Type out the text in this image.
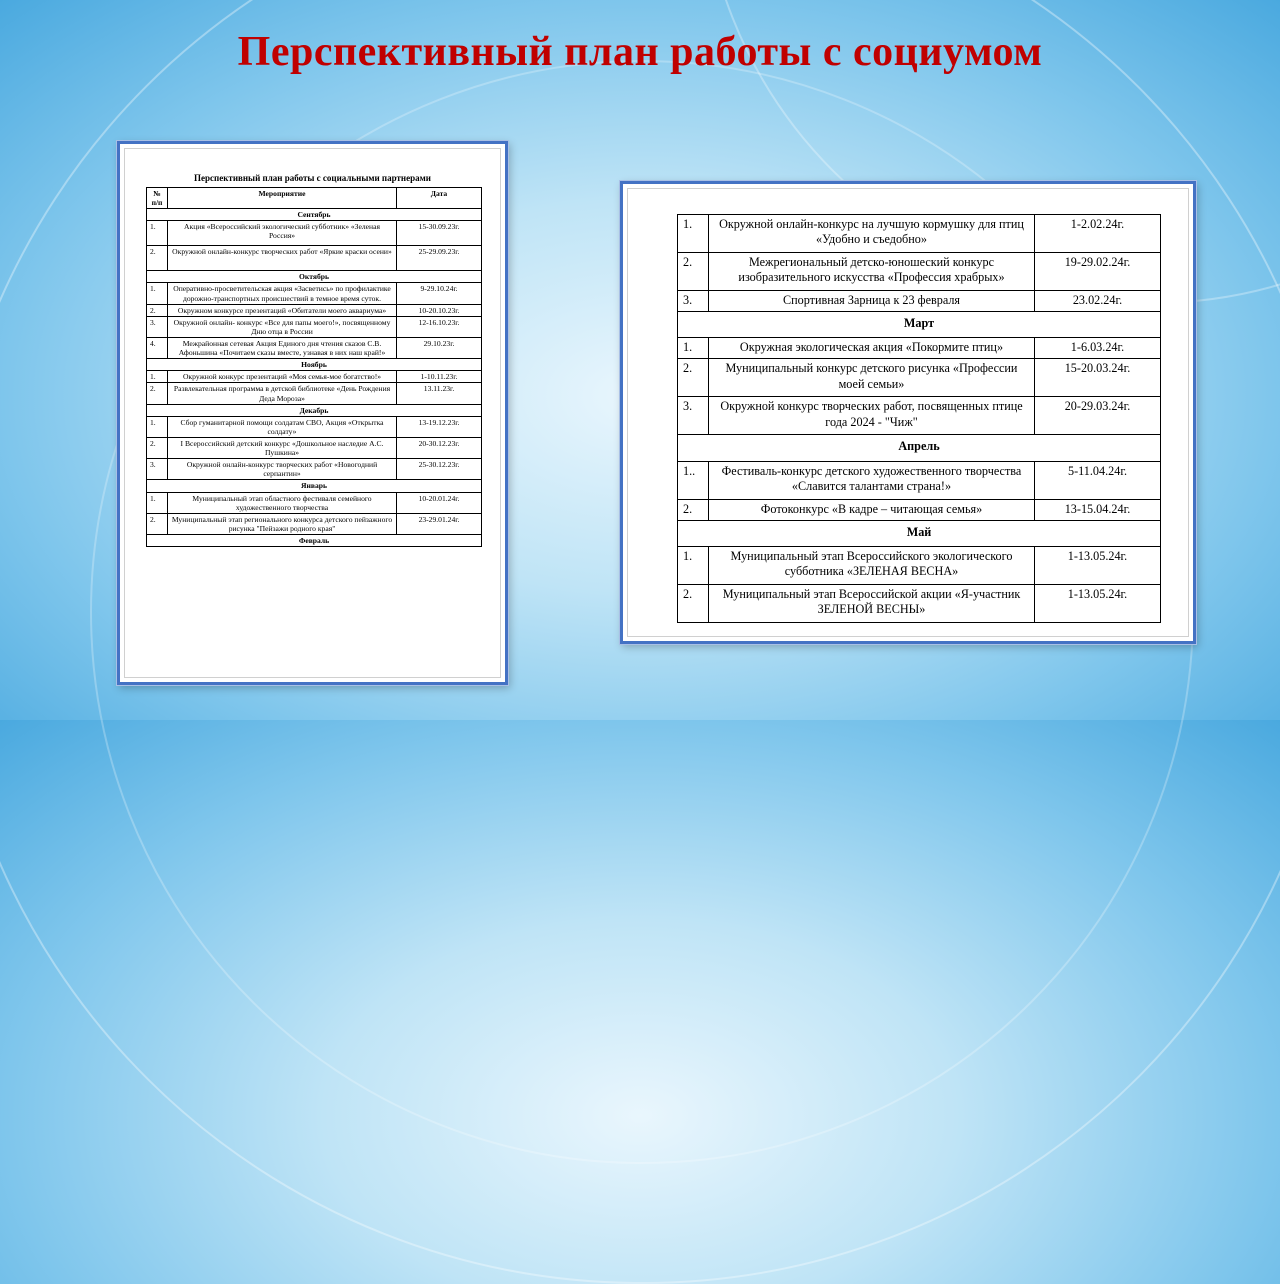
Перспективный план работы с социумом
Перспективный план работы с социальными партнерами
№ п/п	Мероприятие	Дата
Сентябрь		
1.	Акция «Всероссийский экологический субботник» «Зеленая Россия»	15-30.09.23г.
2.	Окружной онлайн-конкурс творческих работ «Яркие краски осени»	25-29.09.23г.
Октябрь		
1.	Оперативно-просветительская акция «Засветись» по профилактике дорожно-транспортных происшествий в темное время суток.	9-29.10.24г.
2.	Окружном конкурсе презентаций «Обитатели моего аквариума»	10-20.10.23г.
3.	Окружной онлайн- конкурс «Все для папы моего!», посвященному Дню отца в России	12-16.10.23г.
4.	Межрайонная сетевая Акция Единого дня чтения сказов С.В. Афоньшина «Почитаем сказы вместе, узнавая в них наш край!»	29.10.23г.
Ноябрь		
1.	Окружной конкурс презентаций «Моя семья-мое богатство!»	1-10.11.23г.
2.	Развлекательная программа в детской библиотеке «День Рождения Деда Мороза»	13.11.23г.
Декабрь		
1.	Сбор гуманитарной помощи солдатам СВО, Акция «Открытка солдату»	13-19.12.23г.
2.	I Всероссийский детский конкурс «Дошкольное наследие А.С. Пушкина»	20-30.12.23г.
3.	Окружной онлайн-конкурс творческих работ «Новогодний серпантин»	25-30.12.23г.
Январь		
1.	Муниципальный этап областного фестиваля семейного художественного творчества	10-20.01.24г.
2.	Муниципальный этап регионального конкурса детского пейзажного рисунка "Пейзажи родного края"	23-29.01.24г.
Февраль		
1.	Окружной онлайн-конкурс на лучшую кормушку для птиц «Удобно и съедобно»	1-2.02.24г.
2.	Межрегиональный детско-юношеский конкурс изобразительного искусства «Профессия храбрых»	19-29.02.24г.
3.	Спортивная Зарница к 23 февраля	23.02.24г.
Март		
1.	Окружная экологическая акция «Покормите птиц»	1-6.03.24г.
2.	Муниципальный конкурс детского рисунка «Профессии моей семьи»	15-20.03.24г.
3.	Окружной конкурс творческих работ, посвященных птице года 2024 - "Чиж"	20-29.03.24г.
Апрель		
1..	Фестиваль-конкурс детского художественного творчества «Славится талантами страна!»	5-11.04.24г.
2.	Фотоконкурс «В кадре – читающая семья»	13-15.04.24г.
Май		
1.	Муниципальный этап Всероссийского экологического субботника «ЗЕЛЕНАЯ ВЕСНА»	1-13.05.24г.
2.	Муниципальный этап Всероссийской акции «Я-участник ЗЕЛЕНОЙ ВЕСНЫ»	1-13.05.24г.
